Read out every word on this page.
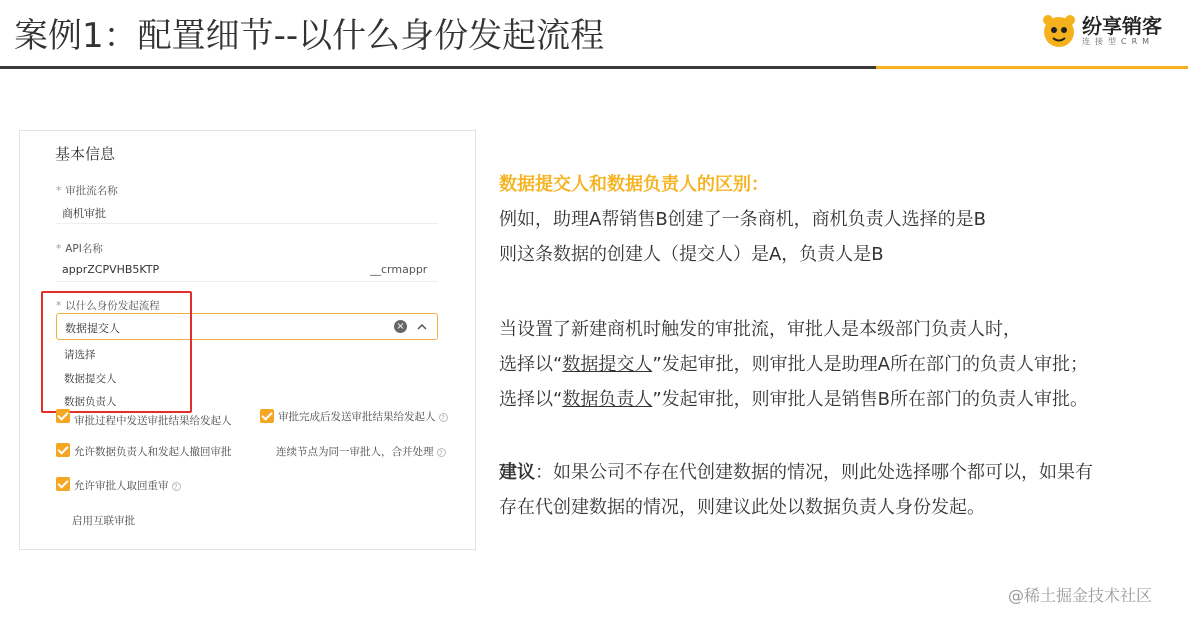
案例1：配置细节--以什么身份发起流程	纷享销客
连接型CRM
基本信息
* 审批流名称
商机审批
* API名称
apprZCPVHB5KTP	__crmappr
* 以什么身份发起流程
数据提交人	×
请选择
数据提交人
数据负责人
审批过程中发送审批结果给发起人	审批完成后发送审批结果给发起人 ?
允许数据负责人和发起人撤回审批	连续节点为同一审批人，合并处理 ?
允许审批人取回重审 ?
启用互联审批
数据提交人和数据负责人的区别：
例如，助理A帮销售B创建了一条商机，商机负责人选择的是B
则这条数据的创建人（提交人）是A，负责人是B
当设置了新建商机时触发的审批流，审批人是本级部门负责人时，
选择以“数据提交人”发起审批，则审批人是助理A所在部门的负责人审批；
选择以“数据负责人”发起审批，则审批人是销售B所在部门的负责人审批。
建议：如果公司不存在代创建数据的情况，则此处选择哪个都可以，如果有
存在代创建数据的情况，则建议此处以数据负责人身份发起。
@稀土掘金技术社区
